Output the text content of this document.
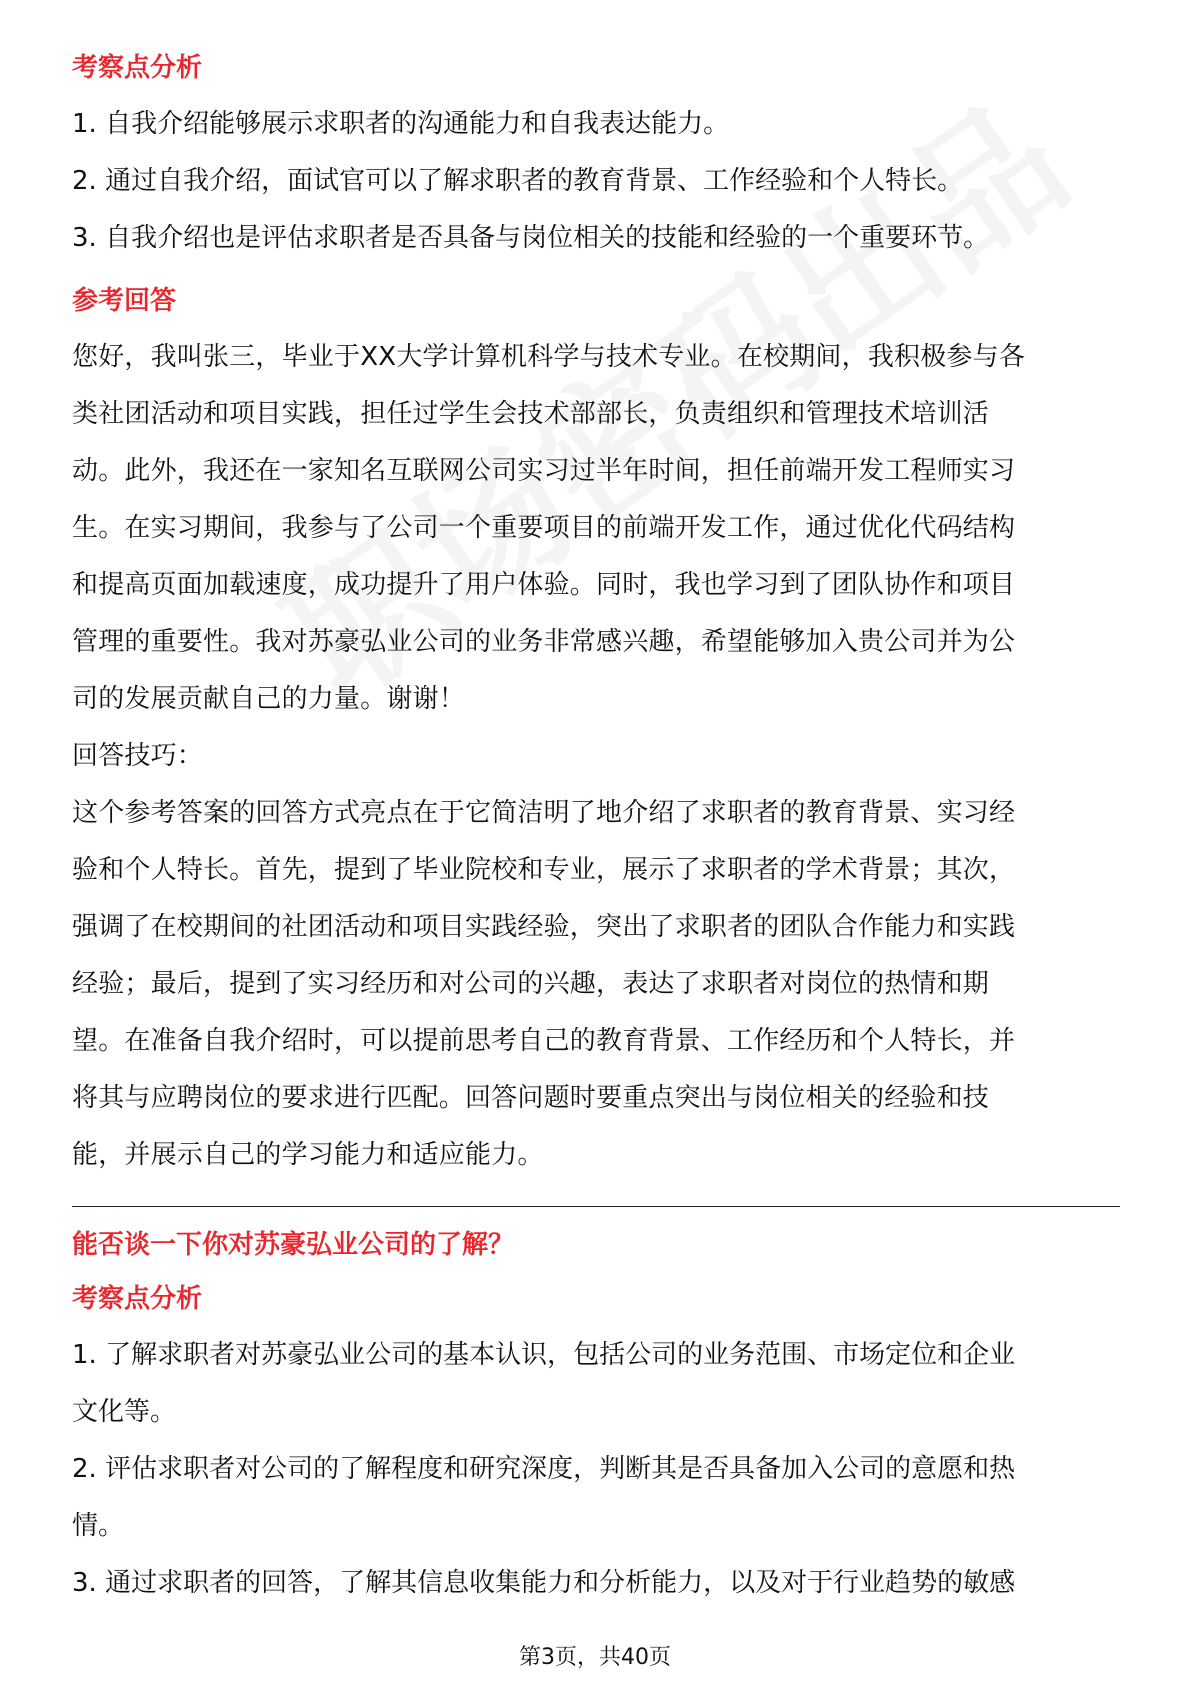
考察点分析

1. 自我介绍能够展示求职者的沟通能力和自我表达能力。

2. 通过自我介绍，面试官可以了解求职者的教育背景、工作经验和个人特长。

3. 自我介绍也是评估求职者是否具备与岗位相关的技能和经验的一个重要环节。

参考回答

您好，我叫张三，毕业于XX大学计算机科学与技术专业。在校期间，我积极参与各

类社团活动和项目实践，担任过学生会技术部部长，负责组织和管理技术培训活

动。此外，我还在一家知名互联网公司实习过半年时间，担任前端开发工程师实习

生。在实习期间，我参与了公司一个重要项目的前端开发工作，通过优化代码结构

和提高页面加载速度，成功提升了用户体验。同时，我也学习到了团队协作和项目

管理的重要性。我对苏豪弘业公司的业务非常感兴趣，希望能够加入贵公司并为公

司的发展贡献自己的力量。谢谢！

回答技巧：

这个参考答案的回答方式亮点在于它简洁明了地介绍了求职者的教育背景、实习经

验和个人特长。首先，提到了毕业院校和专业，展示了求职者的学术背景；其次，

强调了在校期间的社团活动和项目实践经验，突出了求职者的团队合作能力和实践

经验；最后，提到了实习经历和对公司的兴趣，表达了求职者对岗位的热情和期

望。在准备自我介绍时，可以提前思考自己的教育背景、工作经历和个人特长，并

将其与应聘岗位的要求进行匹配。回答问题时要重点突出与岗位相关的经验和技

能，并展示自己的学习能力和适应能力。

能否谈一下你对苏豪弘业公司的了解？
考察点分析

1. 了解求职者对苏豪弘业公司的基本认识，包括公司的业务范围、市场定位和企业

文化等。

2. 评估求职者对公司的了解程度和研究深度，判断其是否具备加入公司的意愿和热

情。

3. 通过求职者的回答，了解其信息收集能力和分析能力，以及对于行业趋势的敏感

第3页，共40页
